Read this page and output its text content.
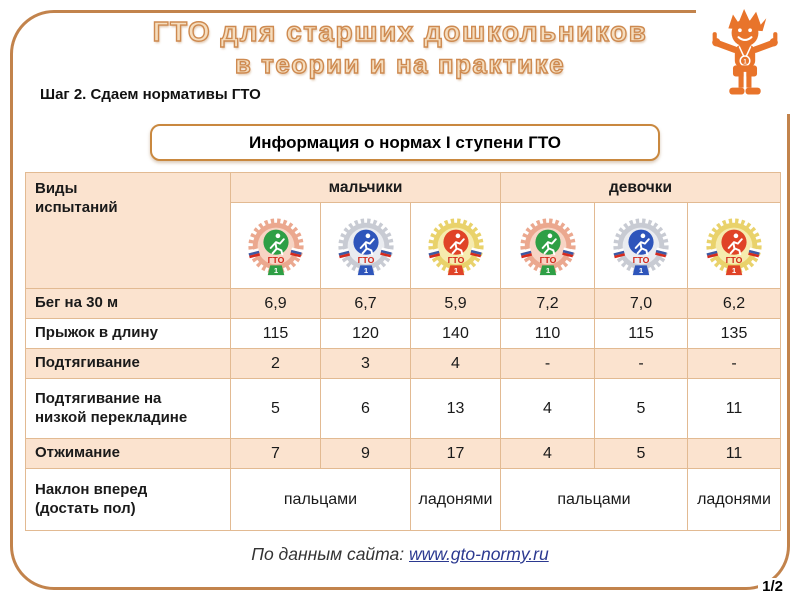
1
ГТО для старших дошкольников
в теории и на практике
Шаг 2. Сдаем нормативы ГТО
Информация о нормах I ступени ГТО
Виды испытаний	мальчики			девочки		

ГТО
1	ГТО
1	ГТО
1	ГТО
1	ГТО
1	ГТО
1

Бег на 30 м	6,9	6,7	5,9	7,2	7,0	6,2
Прыжок в длину	115	120	140	110	115	135
Подтягивание	2	3	4	-	-	-
Подтягивание на низкой перекладине	5	6	13	4	5	11
Отжимание	7	9	17	4	5	11
Наклон вперед (достать пол)	пальцами		ладонями	пальцами		ладонями
По данным сайта: www.gto-normy.ru
1/2
